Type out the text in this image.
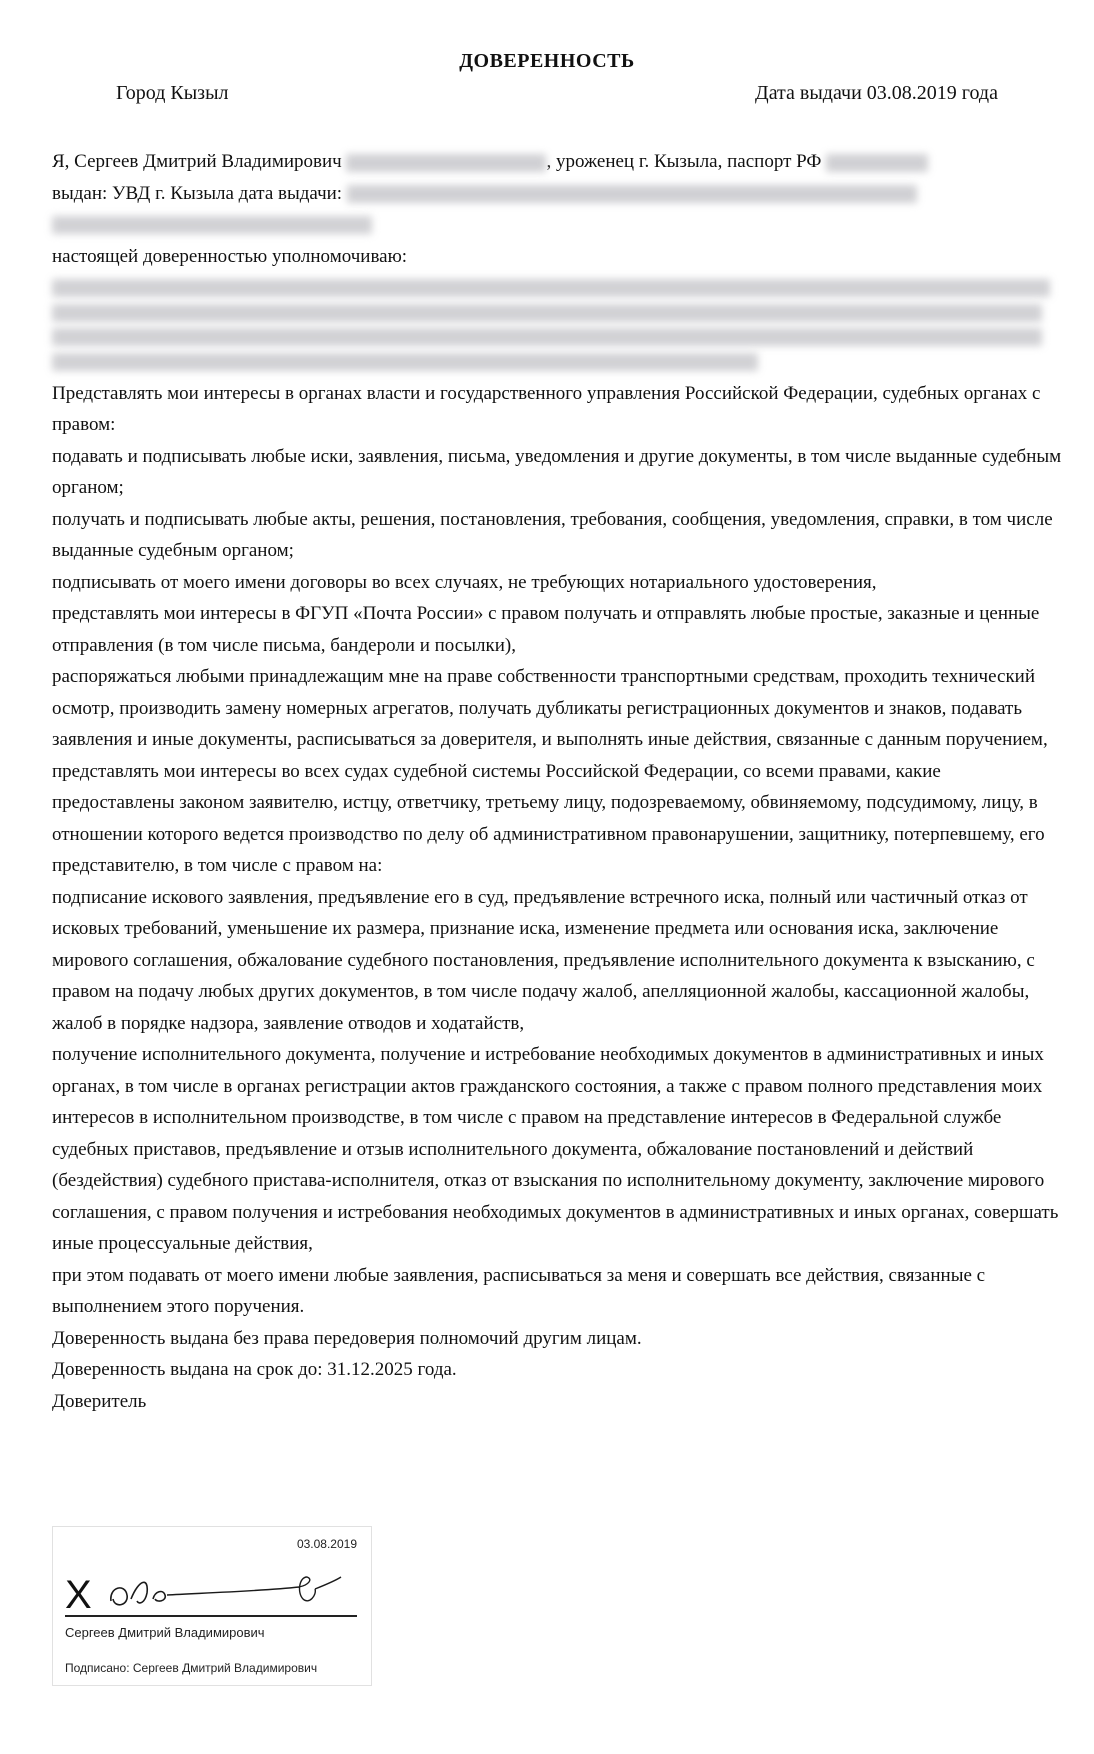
ДОВЕРЕННОСТЬ
Город Кызыл	Дата выдачи 03.08.2019 года

Я, Сергеев Дмитрий Владимирович	, уроженец г. Кызыла, паспорт РФ

выдан: УВД г. Кызыла дата выдачи:

настоящей доверенностью уполномочиваю:

Представлять мои интересы в органах власти и государственного управления Российской Федерации, судебных органах с правом:

подавать и подписывать любые иски, заявления, письма, уведомления и другие документы, в том числе выданные судебным органом;

получать и подписывать любые акты, решения, постановления, требования, сообщения, уведомления, справки, в том числе выданные судебным органом;

подписывать от моего имени договоры во всех случаях, не требующих нотариального удостоверения,

представлять мои интересы в ФГУП «Почта России» с правом получать и отправлять любые простые, заказные и ценные отправления (в том числе письма, бандероли и посылки),

распоряжаться любыми принадлежащим мне на праве собственности транспортными средствам, проходить технический осмотр, производить замену номерных агрегатов, получать дубликаты регистрационных документов и знаков, подавать заявления и иные документы, расписываться за доверителя, и выполнять иные действия, связанные с данным поручением,

представлять мои интересы во всех судах судебной системы Российской Федерации, со всеми правами, какие предоставлены законом заявителю, истцу, ответчику, третьему лицу, подозреваемому, обвиняемому, подсудимому, лицу, в отношении которого ведется производство по делу об административном правонарушении, защитнику, потерпевшему, его представителю, в том числе с правом на:

подписание искового заявления, предъявление его в суд, предъявление встречного иска, полный или частичный отказ от исковых требований, уменьшение их размера, признание иска, изменение предмета или основания иска, заключение мирового соглашения, обжалование судебного постановления, предъявление исполнительного документа к взысканию, с правом на подачу любых других документов, в том числе подачу жалоб, апелляционной жалобы, кассационной жалобы, жалоб в порядке надзора, заявление отводов и ходатайств,

получение исполнительного документа, получение и истребование необходимых документов в административных и иных органах, в том числе в органах регистрации актов гражданского состояния, а также с правом полного представления моих интересов в исполнительном производстве, в том числе с правом на представление интересов в Федеральной службе судебных приставов, предъявление и отзыв исполнительного документа, обжалование постановлений и действий (бездействия) судебного пристава-исполнителя, отказ от взыскания по исполнительному документу, заключение мирового соглашения, с правом получения и истребования необходимых документов в административных и иных органах, совершать иные процессуальные действия,

при этом подавать от моего имени любые заявления, расписываться за меня и совершать все действия, связанные с выполнением этого поручения.

Доверенность выдана без права передоверия полномочий другим лицам.

Доверенность выдана на срок до: 31.12.2025 года.

Доверитель

03.08.2019
X
Сергеев Дмитрий Владимирович
Подписано: Сергеев Дмитрий Владимирович
